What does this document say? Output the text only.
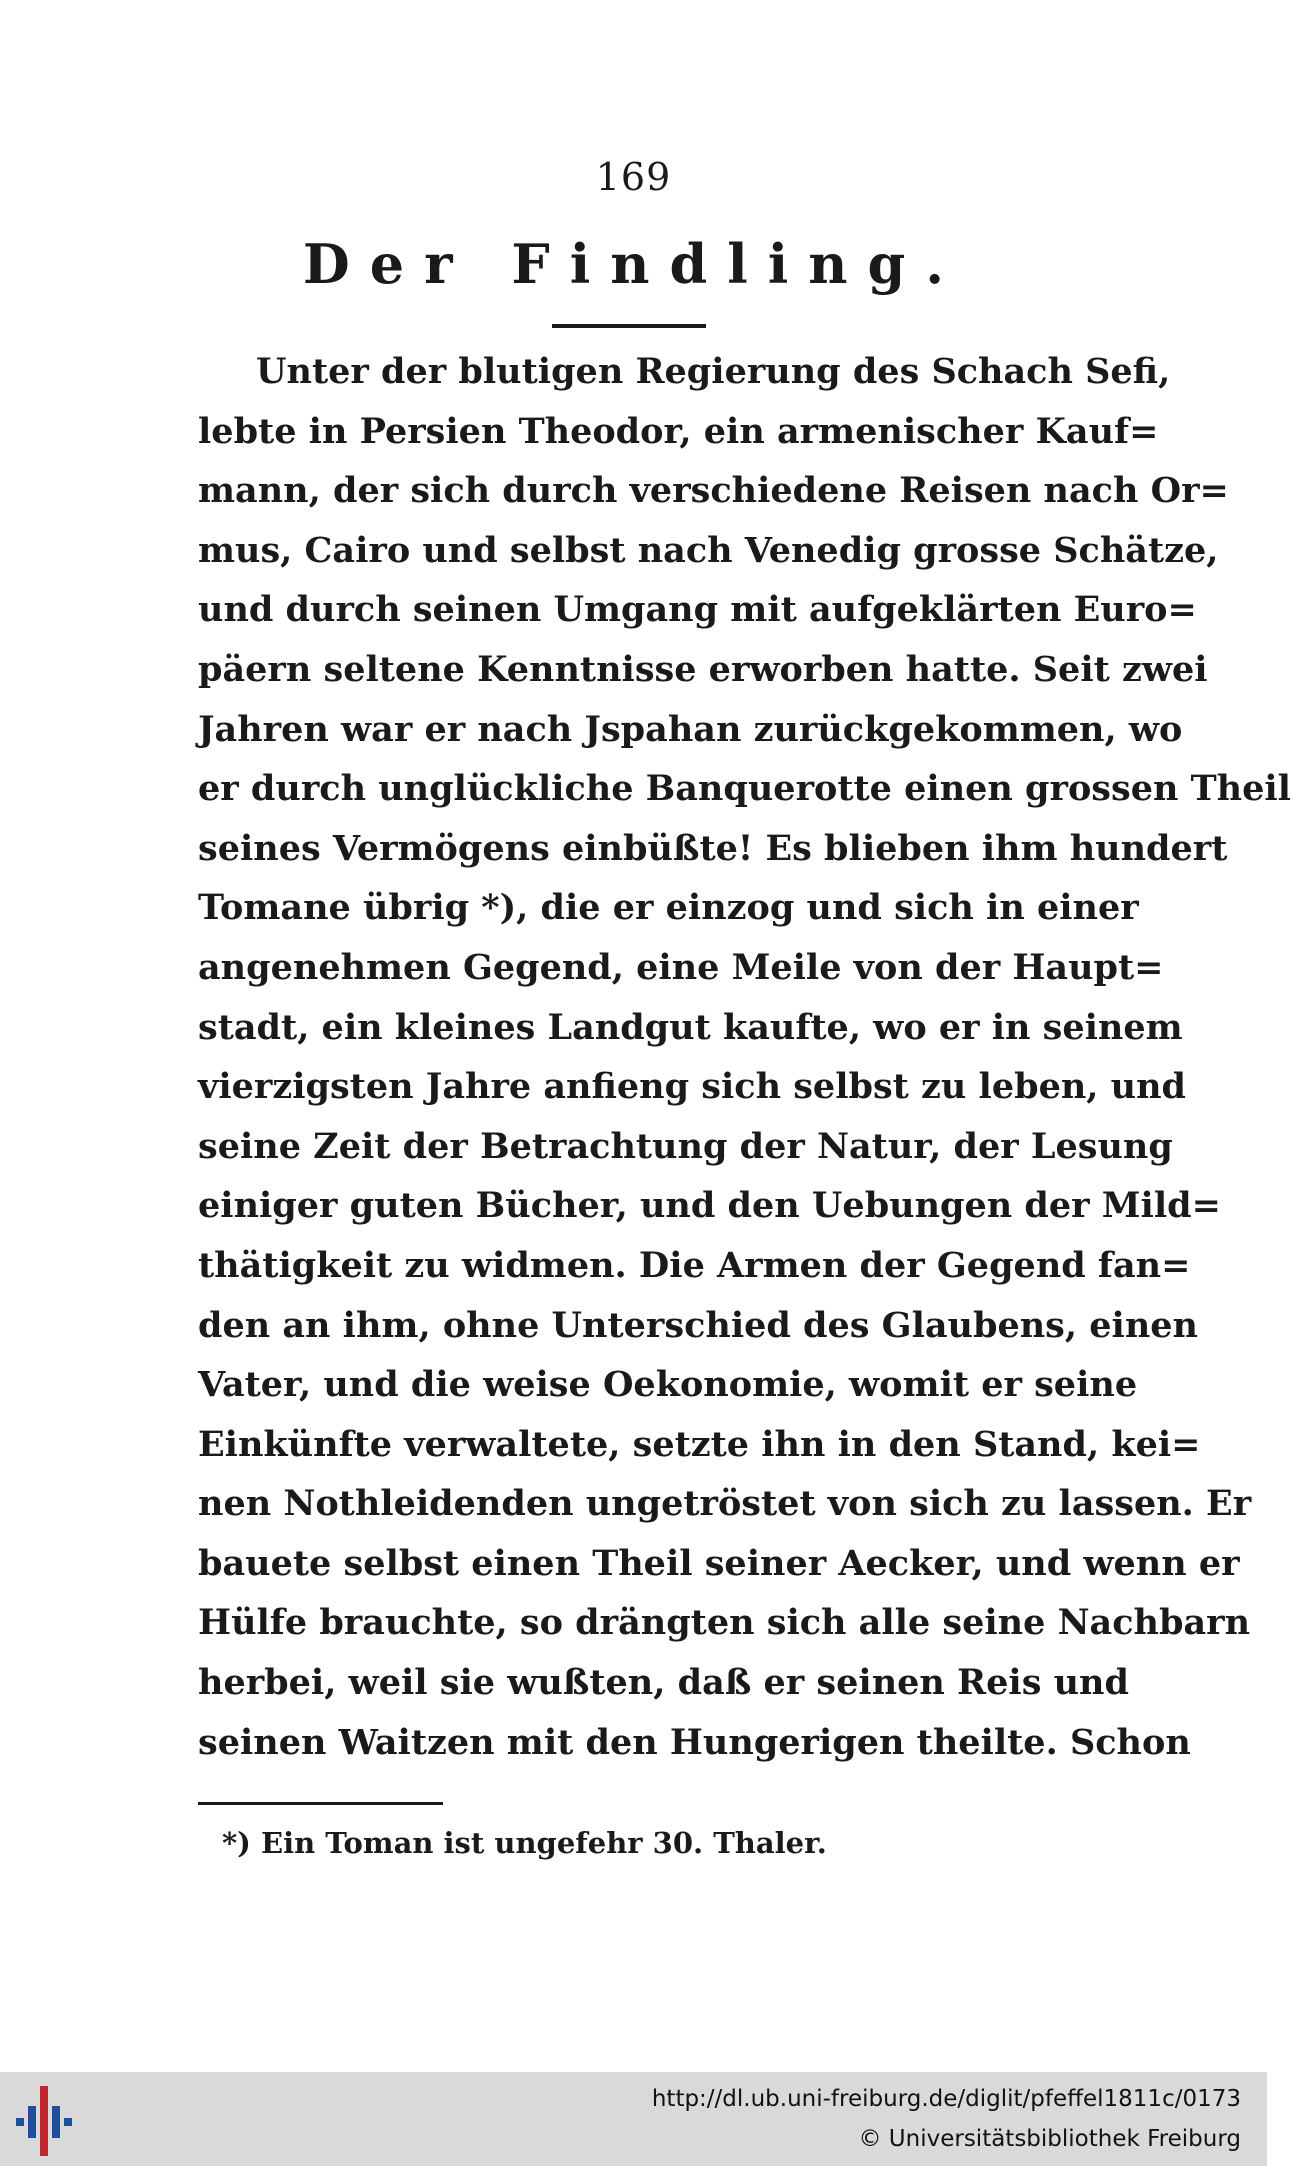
169
Der Findling.
Unter der blutigen Regierung des Schach Sefi,
lebte in Persien Theodor, ein armenischer Kauf=
mann, der sich durch verschiedene Reisen nach Or=
mus, Cairo und selbst nach Venedig grosse Schätze,
und durch seinen Umgang mit aufgeklärten Euro=
päern seltene Kenntnisse erworben hatte. Seit zwei
Jahren war er nach Jspahan zurückgekommen, wo
er durch unglückliche Banquerotte einen grossen Theil
seines Vermögens einbüßte! Es blieben ihm hundert
Tomane übrig *), die er einzog und sich in einer
angenehmen Gegend, eine Meile von der Haupt=
stadt, ein kleines Landgut kaufte, wo er in seinem
vierzigsten Jahre anfieng sich selbst zu leben, und
seine Zeit der Betrachtung der Natur, der Lesung
einiger guten Bücher, und den Uebungen der Mild=
thätigkeit zu widmen. Die Armen der Gegend fan=
den an ihm, ohne Unterschied des Glaubens, einen
Vater, und die weise Oekonomie, womit er seine
Einkünfte verwaltete, setzte ihn in den Stand, kei=
nen Nothleidenden ungetröstet von sich zu lassen. Er
bauete selbst einen Theil seiner Aecker, und wenn er
Hülfe brauchte, so drängten sich alle seine Nachbarn
herbei, weil sie wußten, daß er seinen Reis und
seinen Waitzen mit den Hungerigen theilte. Schon
*) Ein Toman ist ungefehr 30. Thaler.
http://dl.ub.uni-freiburg.de/diglit/pfeffel1811c/0173
© Universitätsbibliothek Freiburg
